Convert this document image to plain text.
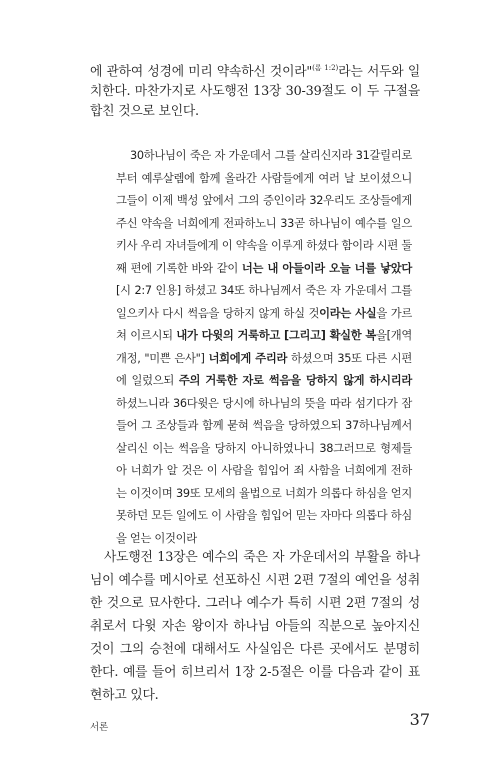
에 관하여 성경에 미리 약속하신 것이라"$^{(롬 1:2)}$라는 서두와 일치한다. 마찬가지로 사도행전 13장 30-39절도 이 두 구절을 합친 것으로 보인다.

30하나님이 죽은 자 가운데서 그를 살리신지라 31갈릴리로부터 예루살렘에 함께 올라간 사람들에게 여러 날 보이셨으니 그들이 이제 백성 앞에서 그의 증인이라 32우리도 조상들에게 주신 약속을 너희에게 전파하노니 33곧 하나님이 예수를 일으키사 우리 자녀들에게 이 약속을 이루게 하셨다 함이라 시편 둘째 편에 기록한 바와 같이 너는 내 아들이라 오늘 너를 낳았다[시 2:7 인용] 하셨고 34또 하나님께서 죽은 자 가운데서 그를 일으키사 다시 썩음을 당하지 않게 하실 것이라는 사실을 가르쳐 이르시되 내가 다윗의 거룩하고 [그리고] 확실한 복을[개역개정, "미쁜 은사"] 너희에게 주리라 하셨으며 35또 다른 시편에 일렀으되 주의 거룩한 자로 썩음을 당하지 않게 하시리라 하셨느니라 36다윗은 당시에 하나님의 뜻을 따라 섬기다가 잠들어 그 조상들과 함께 묻혀 썩음을 당하였으되 37하나님께서 살리신 이는 썩음을 당하지 아니하였나니 38그러므로 형제들아 너희가 알 것은 이 사람을 힘입어 죄 사함을 너희에게 전하는 이것이며 39또 모세의 율법으로 너희가 의롭다 하심을 얻지 못하던 모든 일에도 이 사람을 힘입어 믿는 자마다 의롭다 하심을 얻는 이것이라

사도행전 13장은 예수의 죽은 자 가운데서의 부활을 하나님이 예수를 메시아로 선포하신 시편 2편 7절의 예언을 성취한 것으로 묘사한다. 그러나 예수가 특히 시편 2편 7절의 성취로서 다윗 자손 왕이자 하나님 아들의 직분으로 높아지신 것이 그의 승천에 대해서도 사실임은 다른 곳에서도 분명히 한다. 예를 들어 히브리서 1장 2-5절은 이를 다음과 같이 표현하고 있다.

서론	37
